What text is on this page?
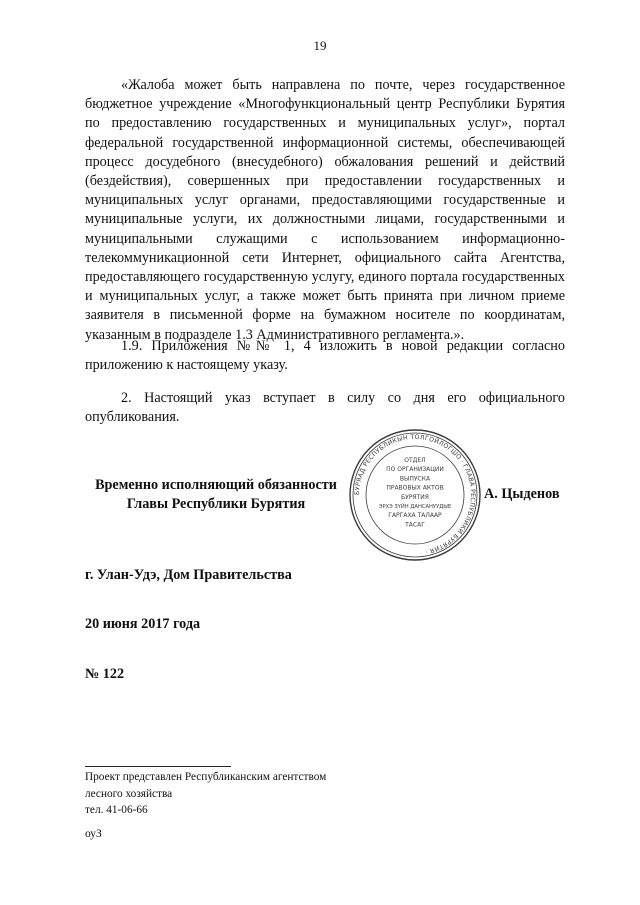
19

«Жалоба может быть направлена по почте, через государственное бюджетное учреждение «Многофункциональный центр Республики Бурятия по предоставлению государственных и муниципальных услуг», портал федеральной государственной информационной системы, обеспечивающей процесс досудебного (внесудебного) обжалования решений и действий (бездействия), совершенных при предоставлении государственных и муниципальных услуг органами, предоставляющими государственные и муниципальные услуги, их должностными лицами, государственными и муниципальными служащими с использованием информационно-телекоммуникационной сети Интернет, официального сайта Агентства, предоставляющего государственную услугу, единого портала государственных и муниципальных услуг, а также может быть принята при личном приеме заявителя в письменной форме на бумажном носителе по координатам, указанным в подразделе 1.3 Административного регламента.».

1.9. Приложения №№ 1, 4 изложить в новой редакции согласно приложению к настоящему указу.

2. Настоящий указ вступает в силу со дня его официального опубликования.

Временно исполняющий обязанности
Главы Республики Бурятия
БУРЯАД РЕСПУБЛИКЫН ТОЛГОЙЛОГШО · ГЛАВА РЕСПУБЛИКИ БУРЯТИЯ ·
ОТДЕЛ
ПО ОРГАНИЗАЦИИ
ВЫПУСКА
ПРАВОВЫХ АКТОВ
БУРЯТИЯ
ЭРХЭ ЗҮЙН ДАНСАНУУДЫЕ
ГАРГАХА ТАЛААР
ТАСАГ
А. Цыденов
г. Улан-Удэ, Дом Правительства
20 июня 2017 года
№ 122
Проект представлен Республиканским агентством
лесного хозяйства
тел. 41-06-66
оуЗ
